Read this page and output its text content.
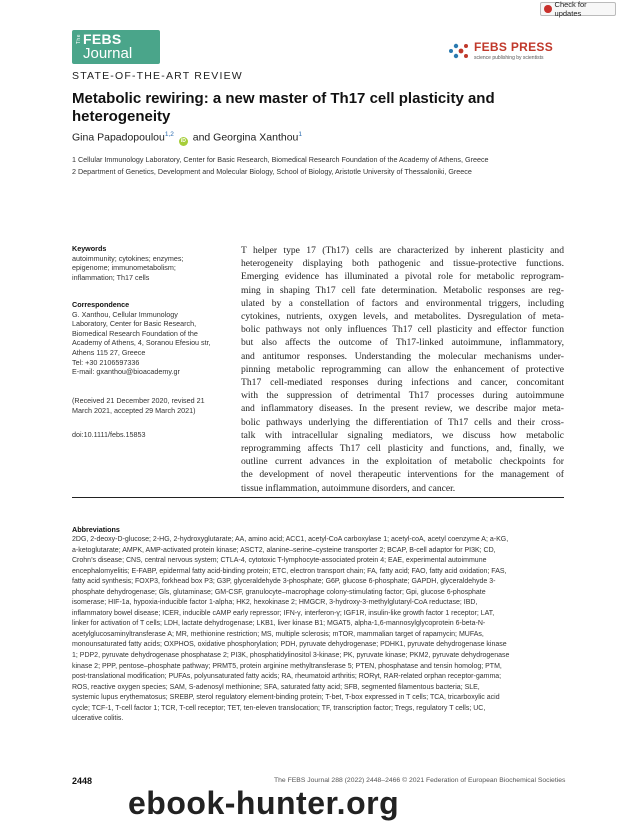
Check for updates
The FEBS
Journal	FEBS PRESS
science publishing by scientists
STATE-OF-THE-ART REVIEW
Metabolic rewiring: a new master of Th17 cell plasticity and heterogeneity
Gina Papadopoulou$^{1,2}$ iD and Georgina Xanthou$^1$
1 Cellular Immunology Laboratory, Center for Basic Research, Biomedical Research Foundation of the Academy of Athens, Greece
2 Department of Genetics, Development and Molecular Biology, School of Biology, Aristotle University of Thessaloniki, Greece
Keywords
autoimmunity; cytokines; enzymes;
epigenome; immunometabolism;
inflammation; Th17 cells
Correspondence
G. Xanthou, Cellular Immunology
Laboratory, Center for Basic Research,
Biomedical Research Foundation of the
Academy of Athens, 4, Soranou Efesiou str,
Athens 115 27, Greece
Tel: +30 2106597336
E-mail: gxanthou@bioacademy.gr
(Received 21 December 2020, revised 21
March 2021, accepted 29 March 2021)
doi:10.1111/febs.15853
T helper type 17 (Th17) cells are characterized by inherent plasticity and
heterogeneity displaying both pathogenic and tissue-protective functions.
Emerging evidence has illuminated a pivotal role for metabolic reprogram-
ming in shaping Th17 cell fate determination. Metabolic responses are reg-
ulated by a constellation of factors and environmental triggers, including
cytokines, nutrients, oxygen levels, and metabolites. Dysregulation of meta-
bolic pathways not only influences Th17 cell plasticity and effector function
but also affects the outcome of Th17-linked autoimmune, inflammatory,
and antitumor responses. Understanding the molecular mechanisms under-
pinning metabolic reprogramming can allow the enhancement of protective
Th17 cell-mediated responses during infections and cancer, concomitant
with the suppression of detrimental Th17 processes during autoimmune
and inflammatory diseases. In the present review, we describe major meta-
bolic pathways underlying the differentiation of Th17 cells and their cross-
talk with intracellular signaling mediators, we discuss how metabolic
reprogramming affects Th17 cell plasticity and functions, and, finally, we
outline current advances in the exploitation of metabolic checkpoints for
the development of novel therapeutic interventions for the management of
tissue inflammation, autoimmune disorders, and cancer.
Abbreviations
2DG, 2-deoxy-D-glucose; 2-HG, 2-hydroxyglutarate; AA, amino acid; ACC1, acetyl-CoA carboxylase 1; acetyl-coA, acetyl coenzyme A; a-KG,
a-ketoglutarate; AMPK, AMP-activated protein kinase; ASCT2, alanine–serine–cysteine transporter 2; BCAP, B-cell adaptor for PI3K; CD,
Crohn’s disease; CNS, central nervous system; CTLA-4, cytotoxic T-lymphocyte-associated protein 4; EAE, experimental autoimmune
encephalomyelitis; E-FABP, epidermal fatty acid-binding protein; ETC, electron transport chain; FA, fatty acid; FAO, fatty acid oxidation; FAS,
fatty acid synthesis; FOXP3, forkhead box P3; G3P, glyceraldehyde 3-phosphate; G6P, glucose 6-phosphate; GAPDH, glyceraldehyde 3-
phosphate dehydrogenase; Gls, glutaminase; GM-CSF, granulocyte–macrophage colony-stimulating factor; Gpi, glucose 6-phosphate
isomerase; HIF-1a, hypoxia-inducible factor 1-alpha; HK2, hexokinase 2; HMGCR, 3-hydroxy-3-methylglutaryl-CoA reductase; IBD,
inflammatory bowel disease; ICER, inducible cAMP early repressor; IFN-γ, interferon-γ; IGF1R, insulin-like growth factor 1 receptor; LAT,
linker for activation of T cells; LDH, lactate dehydrogenase; LKB1, liver kinase B1; MGAT5, alpha-1,6-mannosylglycoprotein 6-beta-N-
acetylglucosaminyltransferase A; MR, methionine restriction; MS, multiple sclerosis; mTOR, mammalian target of rapamycin; MUFAs,
monounsaturated fatty acids; OXPHOS, oxidative phosphorylation; PDH, pyruvate dehydrogenase; PDHK1, pyruvate dehydrogenase kinase
1; PDP2, pyruvate dehydrogenase phosphatase 2; PI3K, phosphatidylinositol 3-kinase; PK, pyruvate kinase; PKM2, pyruvate dehydrogenase
kinase 2; PPP, pentose–phosphate pathway; PRMT5, protein arginine methyltransferase 5; PTEN, phosphatase and tensin homolog; PTM,
post-translational modification; PUFAs, polyunsaturated fatty acids; RA, rheumatoid arthritis; RORγt, RAR-related orphan receptor-gamma;
ROS, reactive oxygen species; SAM, S-adenosyl methionine; SFA, saturated fatty acid; SFB, segmented filamentous bacteria; SLE,
systemic lupus erythematosus; SREBP, sterol regulatory element-binding protein; T-bet, T-box expressed in T cells; TCA, tricarboxylic acid
cycle; TCF-1, T-cell factor 1; TCR, T-cell receptor; TET, ten-eleven translocation; TF, transcription factor; Tregs, regulatory T cells; UC,
ulcerative colitis.
2448	The FEBS Journal 288 (2022) 2448–2466 © 2021 Federation of European Biochemical Societies
ebook-hunter.org
